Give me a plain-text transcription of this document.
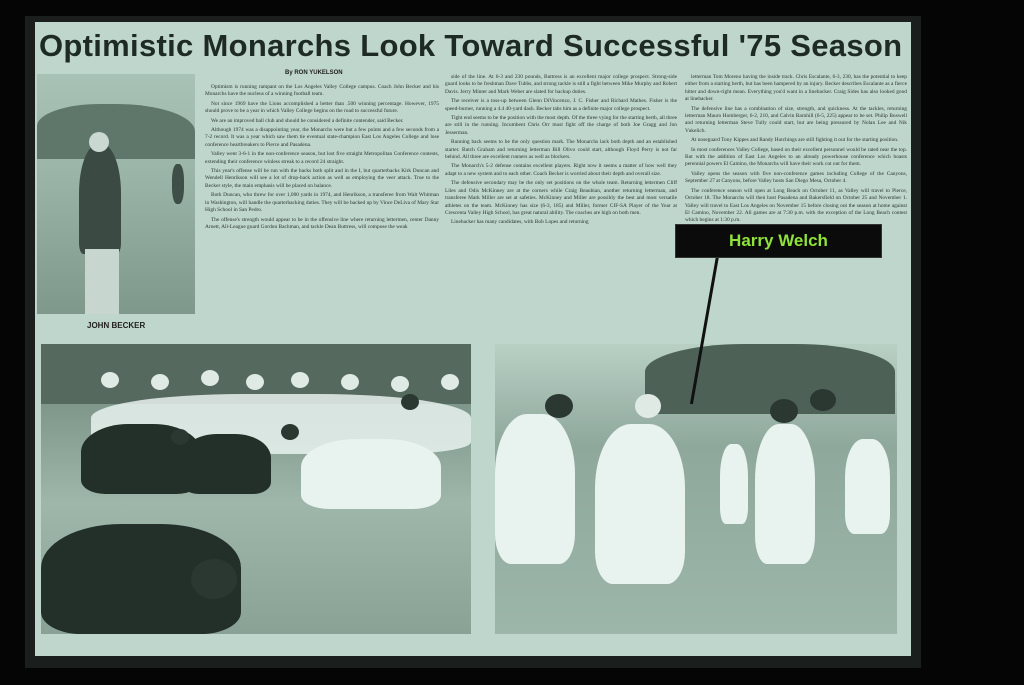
Optimistic Monarchs Look Toward Successful '75 Season
JOHN BECKER
By RON YUKELSON

Optimism is running rampant on the Los Angeles Valley College campus. Coach John Becker and his Monarchs have the nucleus of a winning football team.

Not since 1969 have the Lions accomplished a better than .500 winning percentage. However, 1975 should prove to be a year in which Valley College begins on the road to successful future.

We are an improved ball club and should be considered a definite contender, said Becker.

Although 1974 was a disappointing year, the Monarchs were but a few points and a few seconds from a 7-2 record. It was a year which saw them tie eventual state-champion East Los Angeles College and lose conference heartbreakers to Pierce and Pasadena.

Valley went 3-6-1 in the non-conference season, but lost five straight Metropolitan Conference contests, extending their conference winless streak to a record 24 straight.

This year's offense will be run with the backs both split and in the I, but quarterbacks Kirk Duncan and Wendell Henrikson will see a lot of drop-back action as well as employing the veer attack. True to the Becker style, the main emphasis will be placed on balance.

Both Duncan, who threw for over 1,000 yards in 1974, and Henrikson, a transferee from Walt Whitman in Washington, will handle the quarterbacking duties. They will be backed up by Vince DeLiva of Mary Star High School in San Pedro.

The offense's strength would appear to be in the offensive line where returning lettermen, center Danny Arnett, All-League guard Gordon Bachman, and tackle Dean Buttress, will compose the weak

side of the line. At 6-3 and 230 pounds, Buttress is an excellent major college prospect. Strong-side guard looks to be freshman Dave Tubbs, and strong tackle is still a fight between Mike Murphy and Robert Davis. Jerry Minter and Mark Weber are slated for backup duties.

The receiver is a toss-up between Glenn DiVincenzo, J. C. Fisher and Richard Mathes. Fisher is the speed-burner, running a 4.4 40-yard dash. Becker tabs him as a definite major college prospect.

Tight end seems to be the position with the most depth. Of the three vying for the starting berth, all three are still in the running. Incumbent Chris Orr must fight off the charge of both Joe Gragg and Jon Jesserman.

Running back seems to be the only question mark. The Monarchs lack both depth and an established starter. Butch Graham and returning letterman Bill Olivo could start, although Floyd Perry is not far behind. All three are excellent runners as well as blockers.

The Monarch's 5-2 defense contains excellent players. Right now it seems a matter of how well they adapt to a new system and to each other. Coach Becker is worried about their depth and overall size.

The defensive secondary may be the only set positions on the whole team. Returning lettermen Cliff Liles and Odis McKinney are at the corners while Craig Beaubian, another returning letterman, and transferee Mark Miller are set at safeties. McKinney and Miller are possibly the best and most versatile athletes on the team. McKinney has size (6-3, 185) and Miller, former CIF-SA Player of the Year at Crescenta Valley High School, has great natural ability. The coaches are high on both men.

Linebacker has many candidates, with Bob Lopes and returning

letterman Tom Moreno having the inside track. Chris Escalante, 6-3, 230, has the potential to keep either from a starting berth, but has been hampered by an injury. Becker describes Escalante as a fierce hitter and down-right mean. Everything you'd want in a linebacker. Craig Sides has also looked good at linebacker.

The defensive line has a combination of size, strength, and quickness. At the tackles, returning letterman Mauro Homberger, 6-2, 210, and Calvin Barnhill (6-5, 225) appear to be set. Philip Boswell and returning letterman Steve Tully could start, but are being pressured by Nolan Lee and Nik Vukelich.

At noseguard Tony Kippes and Randy Hutchings are still fighting it out for the starting position.

In most conferences Valley College, based on their excellent personnel would be rated near the top. But with the addition of East Los Angeles to an already powerhouse conference which boasts perennial powers El Camino, the Monarchs will have their work cut out for them.

Valley opens the season with five non-conference games including College of the Canyons, September 27 at Canyons, before Valley hosts San Diego Mesa, October 4.

The conference season will open at Long Beach on October 11, as Valley will travel to Pierce, October 18. The Monarchs will then host Pasadena and Bakersfield on October 25 and November 1. Valley will travel to East Los Angeles on November 15 before closing out the season at home against El Camino, November 22. All games are at 7:30 p.m. with the exception of the Long Beach contest which begins at 1:30 p.m.

Harry Welch
